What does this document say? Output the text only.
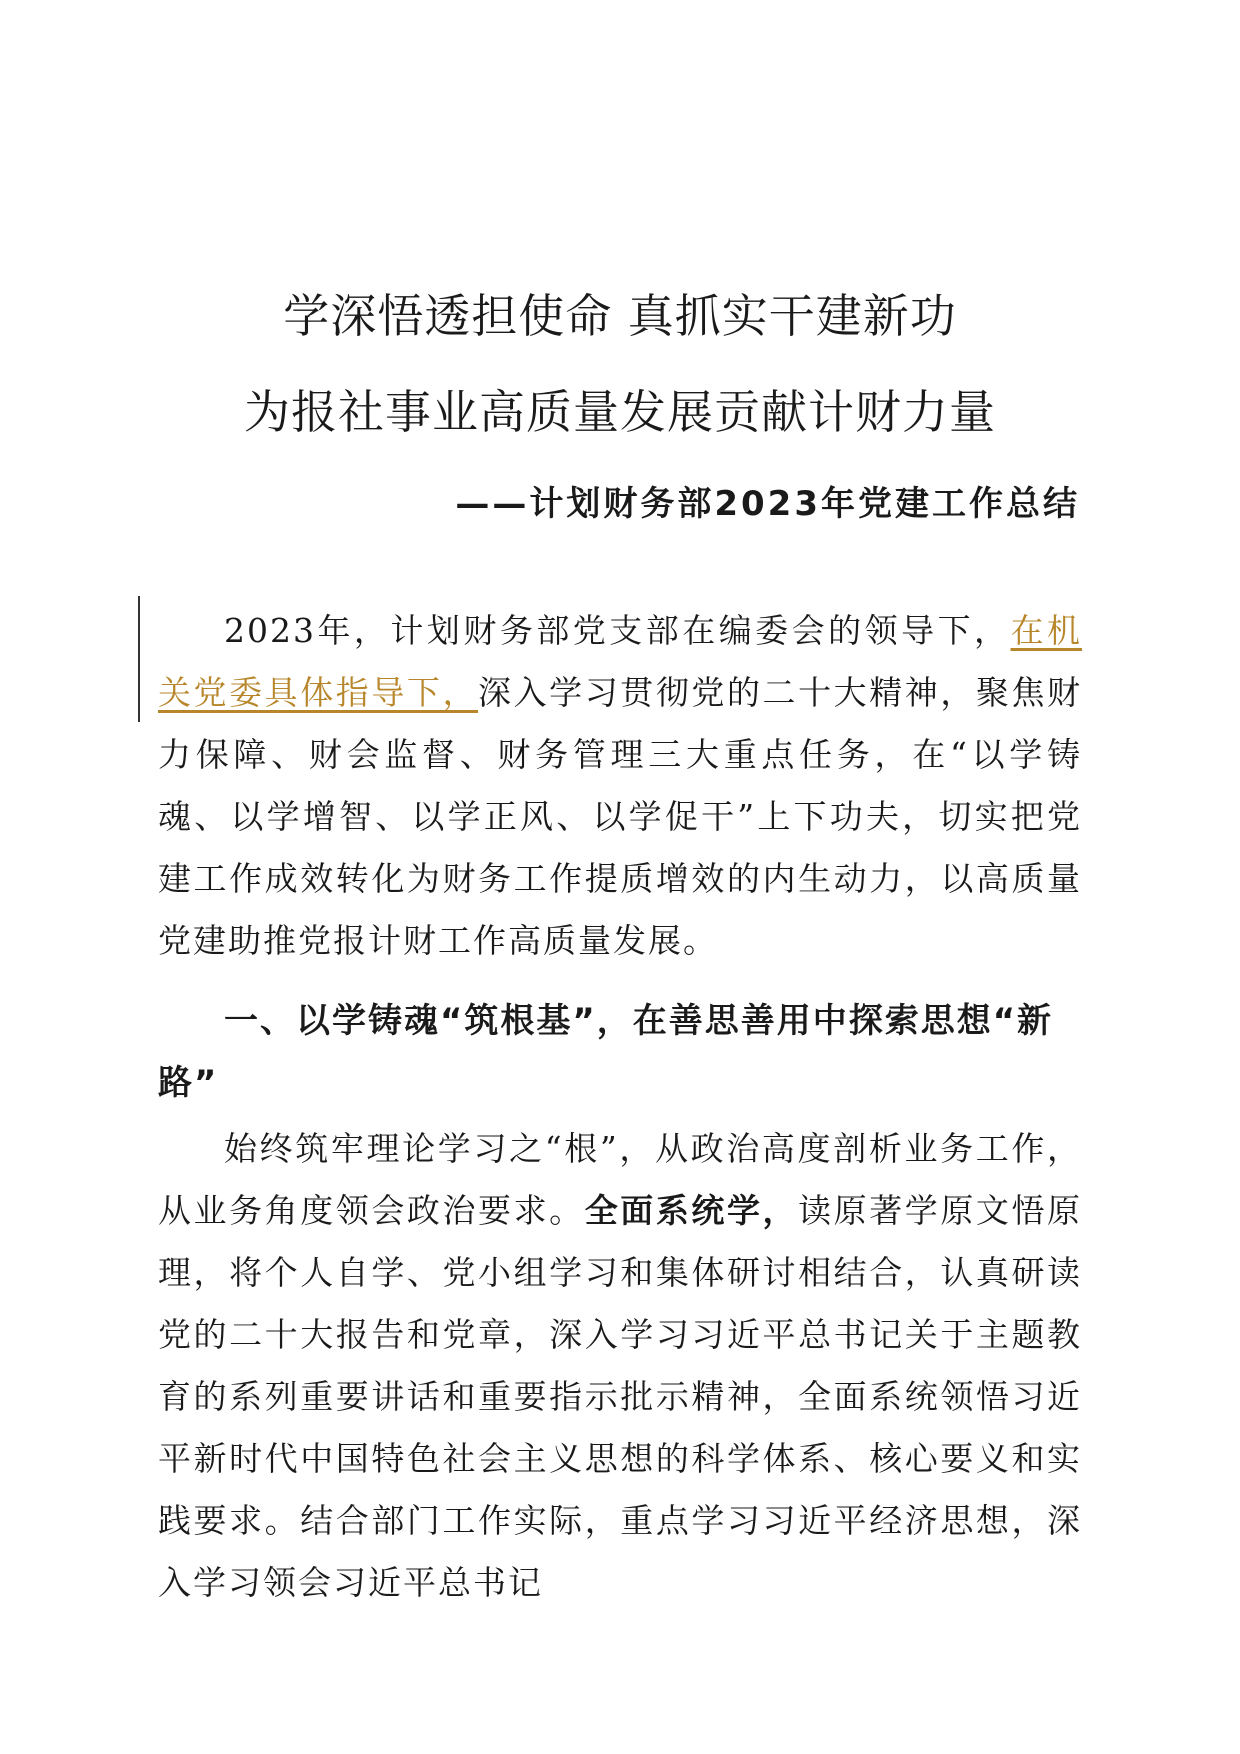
学深悟透担使命 真抓实干建新功
为报社事业高质量发展贡献计财力量
——计划财务部2023年党建工作总结

2023年，计划财务部党支部在编委会的领导下，在机关党委具体指导下，深入学习贯彻党的二十大精神，聚焦财力保障、财会监督、财务管理三大重点任务，在“以学铸魂、以学增智、以学正风、以学促干”上下功夫，切实把党建工作成效转化为财务工作提质增效的内生动力，以高质量党建助推党报计财工作高质量发展。

一、以学铸魂“筑根基”，在善思善用中探索思想“新路”

始终筑牢理论学习之“根”，从政治高度剖析业务工作，从业务角度领会政治要求。全面系统学，读原著学原文悟原理，将个人自学、党小组学习和集体研讨相结合，认真研读党的二十大报告和党章，深入学习习近平总书记关于主题教育的系列重要讲话和重要指示批示精神，全面系统领悟习近平新时代中国特色社会主义思想的科学体系、核心要义和实践要求。结合部门工作实际，重点学习习近平经济思想，深入学习领会习近平总书记
